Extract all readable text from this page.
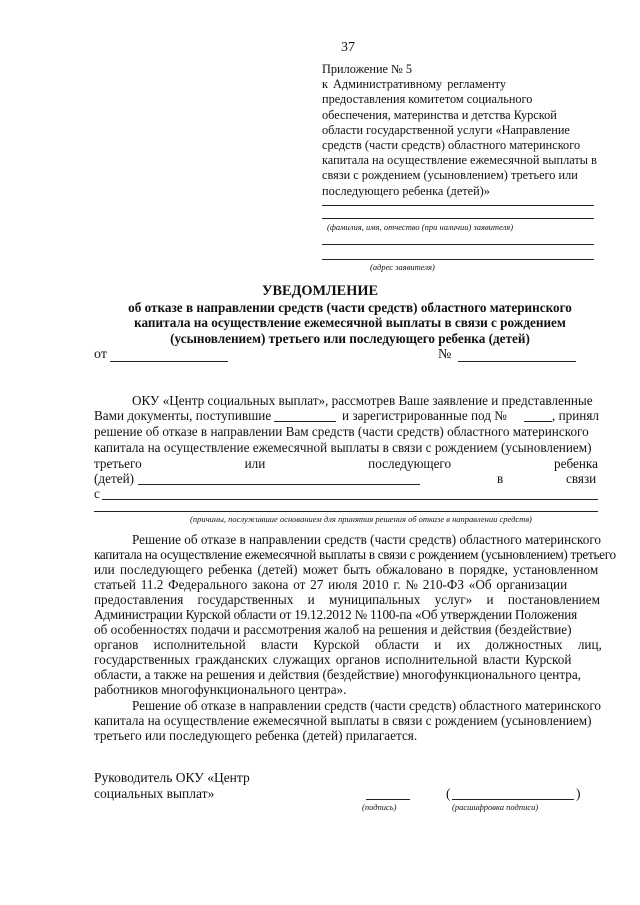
37
Приложение № 5
к Административному регламенту
предоставления комитетом социального
обеспечения, материнства и детства Курской
области государственной услуги «Направление
средств (части средств) областного материнского
капитала на осуществление ежемесячной выплаты в
связи с рождением (усыновлением) третьего или
последующего ребенка (детей)»
(фамилия, имя, отчество (при наличии) заявителя)
(адрес заявителя)
УВЕДОМЛЕНИЕ
об отказе в направлении средств (части средств) областного материнского
капитала на осуществление ежемесячной выплаты в связи с рождением
(усыновлением) третьего или последующего ребенка (детей)
от	№
ОКУ «Центр социальных выплат», рассмотрев Ваше заявление и представленные
Вами документы, поступившие	и зарегистрированные под №	, принял
решение об отказе в направлении Вам средств (части средств) областного материнского
капитала на осуществление ежемесячной выплаты в связи с рождением (усыновлением)
третьего	или	последующего	ребенка
(детей)	в	связи
с
(причины, послужившие основанием для принятия решения об отказе в направлении средств)
Решение об отказе в направлении средств (части средств) областного материнского
капитала на осуществление ежемесячной выплаты в связи с рождением (усыновлением) третьего
или последующего ребенка (детей) может быть обжаловано в порядке, установленном
статьей 11.2 Федерального закона от 27 июля 2010 г. № 210-ФЗ «Об организации
предоставления государственных и муниципальных услуг» и постановлением
Администрации Курской области от 19.12.2012 № 1100-па «Об утверждении Положения
об особенностях подачи и рассмотрения жалоб на решения и действия (бездействие)
органов исполнительной власти Курской области и их должностных лиц,
государственных гражданских служащих органов исполнительной власти Курской
области, а также на решения и действия (бездействие) многофункционального центра,
работников многофункционального центра».
Решение об отказе в направлении средств (части средств) областного материнского
капитала на осуществление ежемесячной выплаты в связи с рождением (усыновлением)
третьего или последующего ребенка (детей) прилагается.
Руководитель ОКУ «Центр
социальных выплат»
(подпись)
(	)
(расшифровка подписи)
